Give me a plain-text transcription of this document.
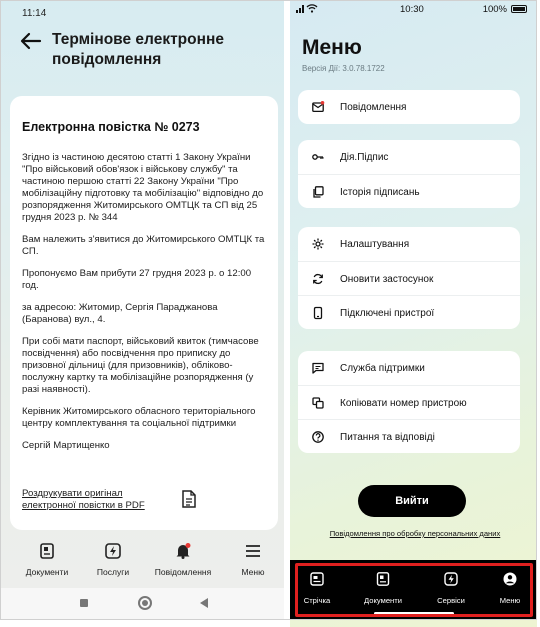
11:14
Термінове електронне повідомлення
Електронна повістка № 0273

Згідно із частиною десятою статті 1 Закону України "Про військовий обов'язок і військову службу" та частиною першою статті 22 Закону України "Про мобілізаційну підготовку та мобілізацію" відповідно до розпорядження Житомирського ОМТЦК та СП від 25 грудня 2023 р. № 344

Вам належить з'явитися до Житомирського ОМТЦК та СП.

Пропонуємо Вам прибути 27 грудня 2023 р. о 12:00 год.

за адресою: Житомир, Сергія Параджанова (Баранова) вул., 4.

При собі мати паспорт, військовий квиток (тимчасове посвідчення) або посвідчення про приписку до призовної дільниці (для призовників), обліково-послужну картку та мобілізаційне розпорядження (у разі наявності).

Керівник Житомирського обласного територіального центру комплектування та соціальної підтримки

Сергій Мартищенко

Роздрукувати оригінал електронної повістки в PDF
Документи	Послуги	Повідомлення	Меню
10:30	100%
Меню
Версія Дії: 3.0.78.1722
Повідомлення
Дія.Підпис
Історія підписань
Налаштування
Оновити застосунок
Підключені пристрої
Служба підтримки
Копіювати номер пристрою
Питання та відповіді
Вийти
Повідомлення про обробку персональних даних
Стрічка	Документи	Сервіси	Меню
